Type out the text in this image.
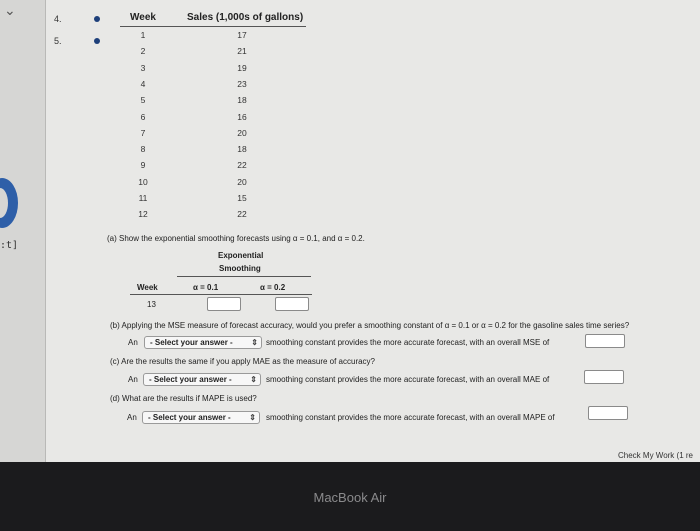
⌄
:t]
4.
5.
Week	Sales (1,000s of gallons)
1	17
2	21
3	19
4	23
5	18
6	16
7	20
8	18
9	22
10	20
11	15
12	22
(a) Show the exponential smoothing forecasts using α = 0.1, and α = 0.2.
Exponential
Smoothing
Week	α = 0.1	α = 0.2
13
(b) Applying the MSE measure of forecast accuracy, would you prefer a smoothing constant of α = 0.1 or α = 0.2 for the gasoline sales time series?
An	- Select your answer - ⇕ smoothing constant provides the more accurate forecast, with an overall MSE of
(c) Are the results the same if you apply MAE as the measure of accuracy?
An	- Select your answer - ⇕ smoothing constant provides the more accurate forecast, with an overall MAE of
(d) What are the results if MAPE is used?
An	- Select your answer - ⇕ smoothing constant provides the more accurate forecast, with an overall MAPE of
Check My Work (1 re
MacBook Air
